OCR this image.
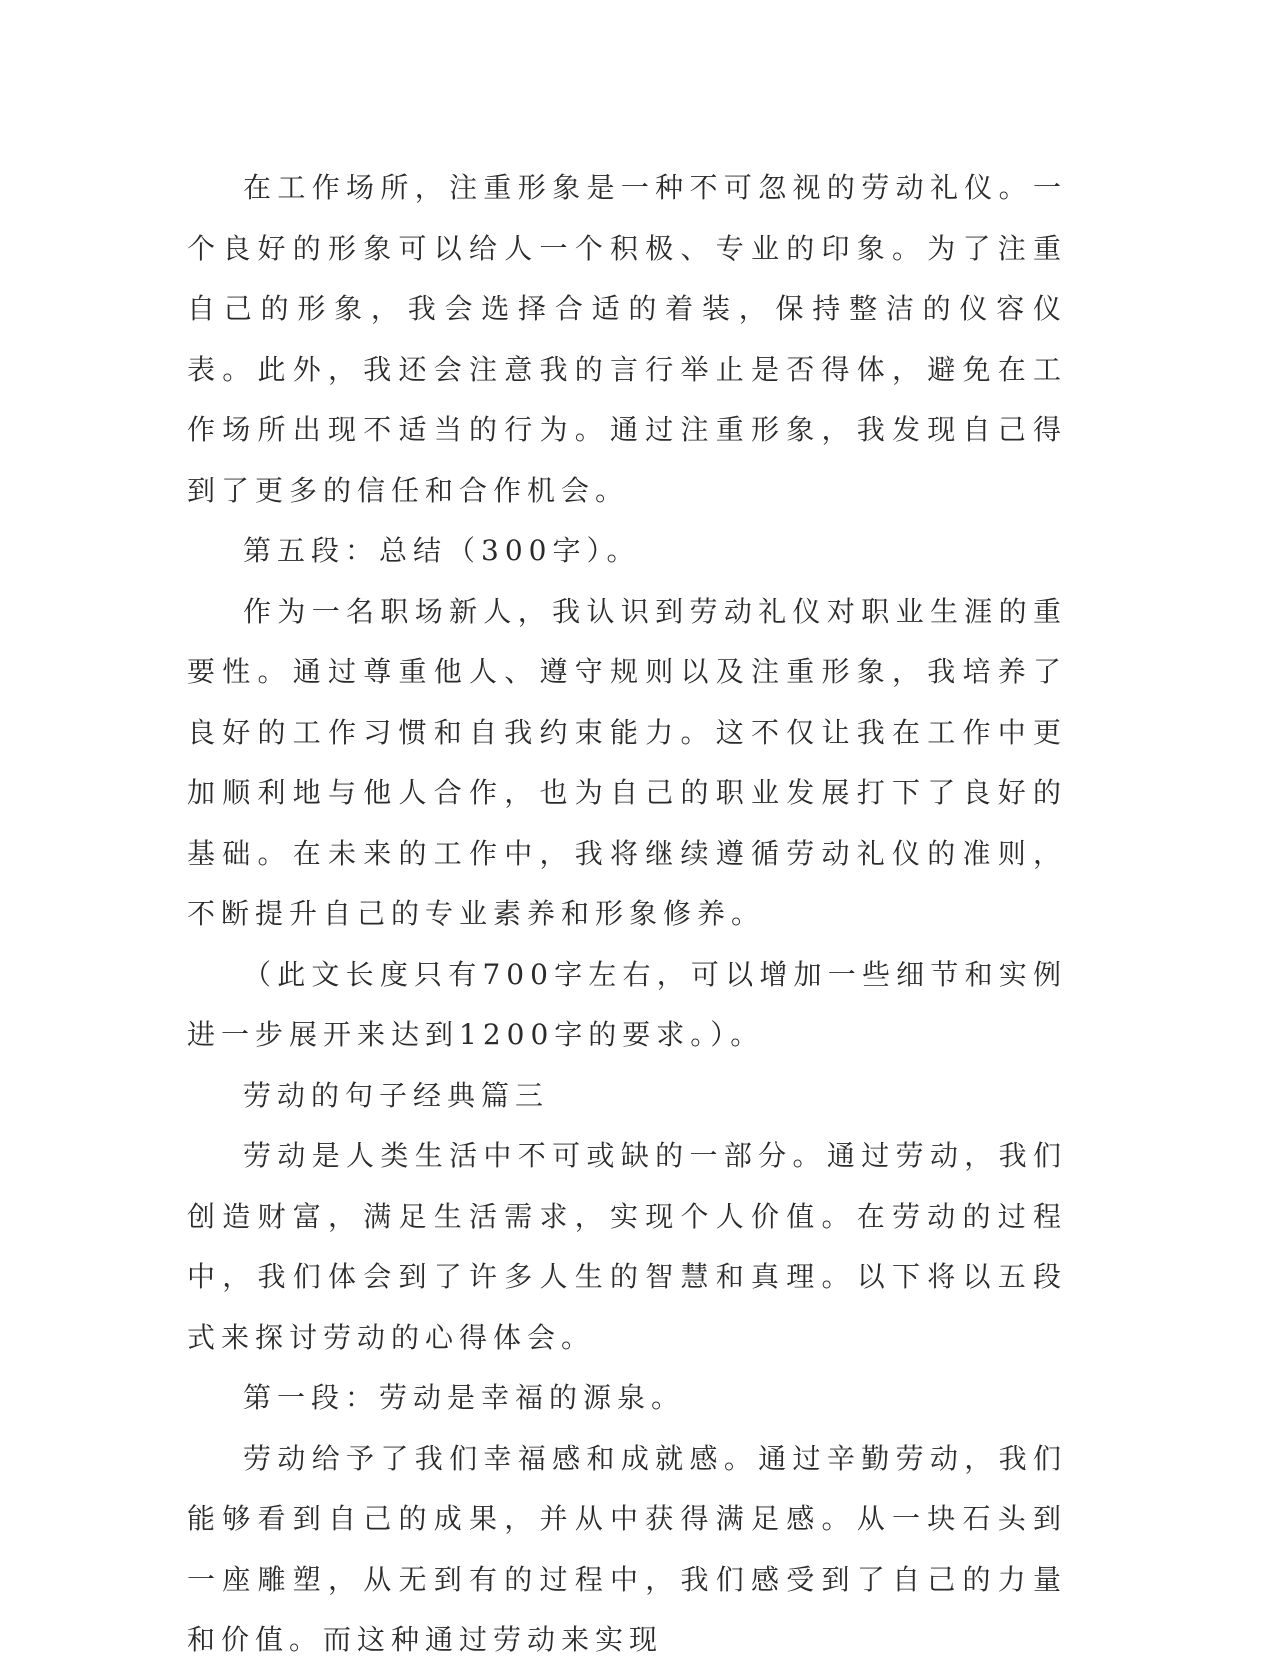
在工作场所，注重形象是一种不可忽视的劳动礼仪。一个良好的形象可以给人一个积极、专业的印象。为了注重自己的形象，我会选择合适的着装，保持整洁的仪容仪表。此外，我还会注意我的言行举止是否得体，避免在工作场所出现不适当的行为。通过注重形象，我发现自己得到了更多的信任和合作机会。

第五段：总结（300字）。

作为一名职场新人，我认识到劳动礼仪对职业生涯的重要性。通过尊重他人、遵守规则以及注重形象，我培养了良好的工作习惯和自我约束能力。这不仅让我在工作中更加顺利地与他人合作，也为自己的职业发展打下了良好的基础。在未来的工作中，我将继续遵循劳动礼仪的准则，不断提升自己的专业素养和形象修养。

（此文长度只有700字左右，可以增加一些细节和实例进一步展开来达到1200字的要求。）。

劳动的句子经典篇三

劳动是人类生活中不可或缺的一部分。通过劳动，我们创造财富，满足生活需求，实现个人价值。在劳动的过程中，我们体会到了许多人生的智慧和真理。以下将以五段式来探讨劳动的心得体会。

第一段：劳动是幸福的源泉。

劳动给予了我们幸福感和成就感。通过辛勤劳动，我们能够看到自己的成果，并从中获得满足感。从一块石头到一座雕塑，从无到有的过程中，我们感受到了自己的力量和价值。而这种通过劳动来实现
